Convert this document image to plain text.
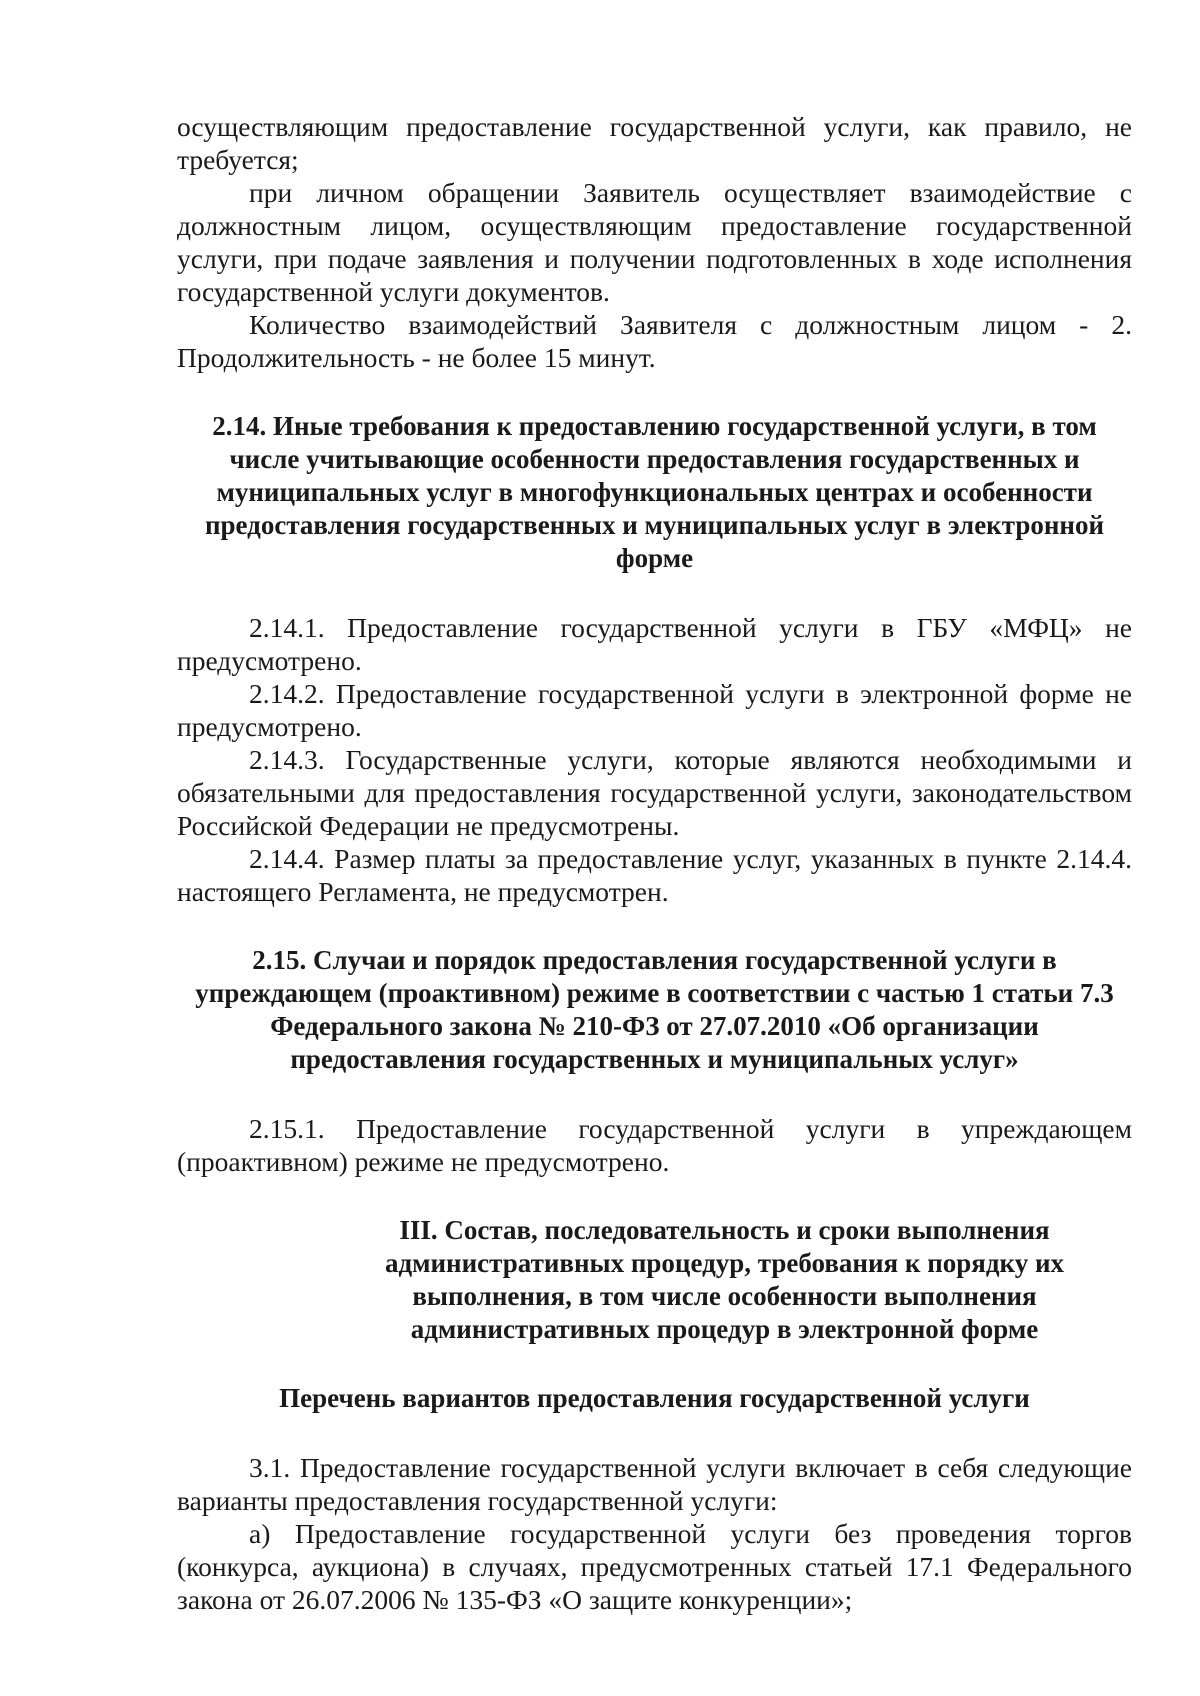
осуществляющим предоставление государственной услуги, как правило, не требуется;

при личном обращении Заявитель осуществляет взаимодействие с должностным лицом, осуществляющим предоставление государственной услуги, при подаче заявления и получении подготовленных в ходе исполнения государственной услуги документов.

Количество взаимодействий Заявителя с должностным лицом - 2. Продолжительность - не более 15 минут.

2.14. Иные требования к предоставлению государственной услуги, в том числе учитывающие особенности предоставления государственных и муниципальных услуг в многофункциональных центрах и особенности предоставления государственных и муниципальных услуг в электронной форме

2.14.1. Предоставление государственной услуги в ГБУ «МФЦ» не предусмотрено.

2.14.2. Предоставление государственной услуги в электронной форме не предусмотрено.

2.14.3. Государственные услуги, которые являются необходимыми и обязательными для предоставления государственной услуги, законодательством Российской Федерации не предусмотрены.

2.14.4. Размер платы за предоставление услуг, указанных в пункте 2.14.4. настоящего Регламента, не предусмотрен.

2.15. Случаи и порядок предоставления государственной услуги в упреждающем (проактивном) режиме в соответствии с частью 1 статьи 7.3 Федерального закона № 210-ФЗ от 27.07.2010 «Об организации предоставления государственных и муниципальных услуг»

2.15.1. Предоставление государственной услуги в упреждающем (проактивном) режиме не предусмотрено.

III. Состав, последовательность и сроки выполнения административных процедур, требования к порядку их выполнения, в том числе особенности выполнения административных процедур в электронной форме
Перечень вариантов предоставления государственной услуги

3.1. Предоставление государственной услуги включает в себя следующие варианты предоставления государственной услуги:

а) Предоставление государственной услуги без проведения торгов (конкурса, аукциона) в случаях, предусмотренных статьей 17.1 Федерального закона от 26.07.2006 № 135-ФЗ «О защите конкуренции»;
